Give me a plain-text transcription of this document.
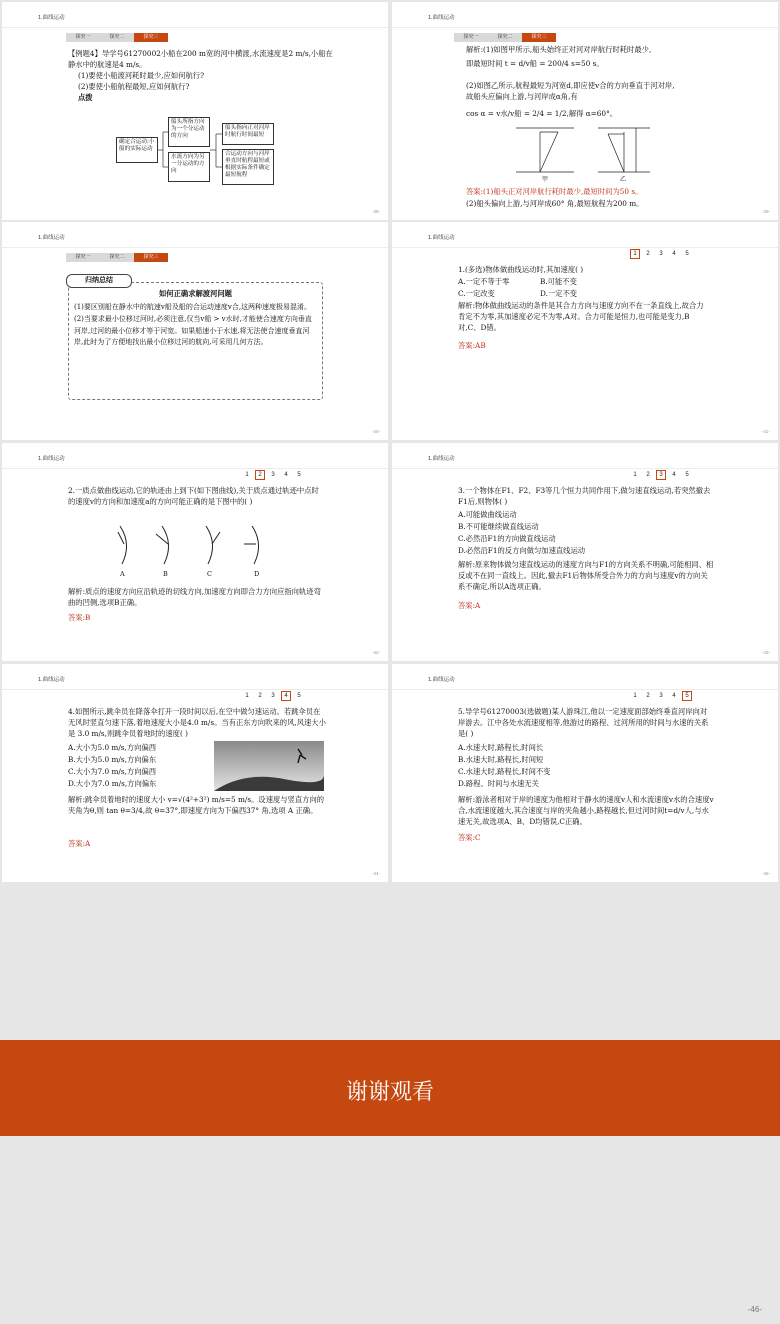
1.曲线运动
探究一	探究二	探究三
【例题4】导学号61270002小船在200 m宽的河中横渡,水流速度是2 m/s,小船在静水中的航速是4 m/s。
(1)要使小船渡河耗时最少,应如何航行?
(2)要使小船航程最短,应如何航行?
点拨
确定合运动:小船的实际运动
船头所指方向为一个分运动的方向
水流方向为另一分运动的方向
船头指向正对河岸时航行时间最短
合运动方向与河岸垂直时航程最短或根据实际条件确定最短航程
-38-
1.曲线运动
探究一	探究二	探究三
解析:(1)如图甲所示,船头始终正对河对岸航行时耗时最少,
即最短时间 t = d/v船 = 200/4 s=50 s。
(2)如图乙所示,航程最短为河宽d,即应使v合的方向垂直于河对岸,
故船头应偏向上游,与河岸成α角,有
cos α = v水/v船 = 2/4 = 1/2,解得 α=60°。
甲	乙
答案:(1)船头正对河岸航行耗时最少,最短时间为50 s。
(2)船头偏向上游,与河岸成60° 角,最短航程为200 m。
-39-
1.曲线运动
探究一	探究二	探究三
-40-
归纳总结
如何正确求解渡河问题
(1)要区别船在静水中的航速v船及船的合运动速度v合,这两种速度极易混淆。(2)当要求最小位移过河时,必须注意,仅当v船 > v水时,才能使合速度方向垂直河岸,过河的最小位移才等于河宽。如果船速小于水速,将无法使合速度垂直河岸,此时为了方便地找出最小位移过河的航向,可采用几何方法。
1.曲线运动
-41-
1	2	3	4	5
1.(多选)物体做曲线运动时,其加速度( )
A.一定不等于零	B.可能不变
C.一定改变	D.一定不变
解析:物体做曲线运动的条件是其合力方向与速度方向不在一条直线上,故合力肯定不为零,其加速度必定不为零,A对。合力可能是恒力,也可能是变力,B对,C、D错。
答案:AB
1.曲线运动
-42-
1	2	3	4	5
2.一质点做曲线运动,它的轨迹由上到下(如下图曲线),关于质点通过轨迹中点时的速度v的方向和加速度a的方向可能正确的是下图中的( )
A	B	C	D
解析:质点的速度方向应沿轨迹的切线方向,加速度方向即合力方向应指向轨迹弯曲的凹侧,选项B正确。
答案:B
1.曲线运动
-43-
1	2	3	4	5
3.一个物体在F1、F2、F3等几个恒力共同作用下,做匀速直线运动,若突然撤去F1后,则物体( )
A.可能做曲线运动
B.不可能继续做直线运动
C.必然沿F1的方向做直线运动
D.必然沿F1的反方向做匀加速直线运动
解析:原来物体做匀速直线运动的速度方向与F1的方向关系不明确,可能相同、相反或不在同一直线上。因此,撤去F1后物体所受合外力的方向与速度v的方向关系不确定,所以A选项正确。
答案:A
1.曲线运动
-44-
1	2	3	4	5
4.如图所示,跳伞员在降落伞打开一段时间以后,在空中做匀速运动。若跳伞员在无风时竖直匀速下落,着地速度大小是4.0 m/s。当有正东方向吹来的风,风速大小是 3.0 m/s,则跳伞员着地时的速度( )
A.大小为5.0 m/s,方向偏西
B.大小为5.0 m/s,方向偏东
C.大小为7.0 m/s,方向偏西
D.大小为7.0 m/s,方向偏东
解析:跳伞员着地时的速度大小 v=√(4²+3²) m/s=5 m/s。设速度与竖直方向的夹角为θ,则 tan θ=3/4,故 θ=37°,即速度方向为下偏西37° 角,选项 A 正确。
答案:A
1.曲线运动
-45-
1	2	3	4	5
5.导学号61270003(选做题)某人游珠江,他以一定速度面部始终垂直河岸向对岸游去。江中各处水流速度相等,他游过的路程、过河所用的时间与水速的关系是( )
A.水速大时,路程长,时间长
B.水速大时,路程长,时间短
C.水速大时,路程长,时间不变
D.路程、时间与水速无关
解析:游泳者相对于岸的速度为他相对于静水的速度v人和水流速度v水的合速度v合,水流速度越大,其合速度与岸的夹角越小,路程越长,但过河时间t=d/v人,与水速无关,故选项A、B、D均错误,C正确。
答案:C
谢谢观看
-46-
